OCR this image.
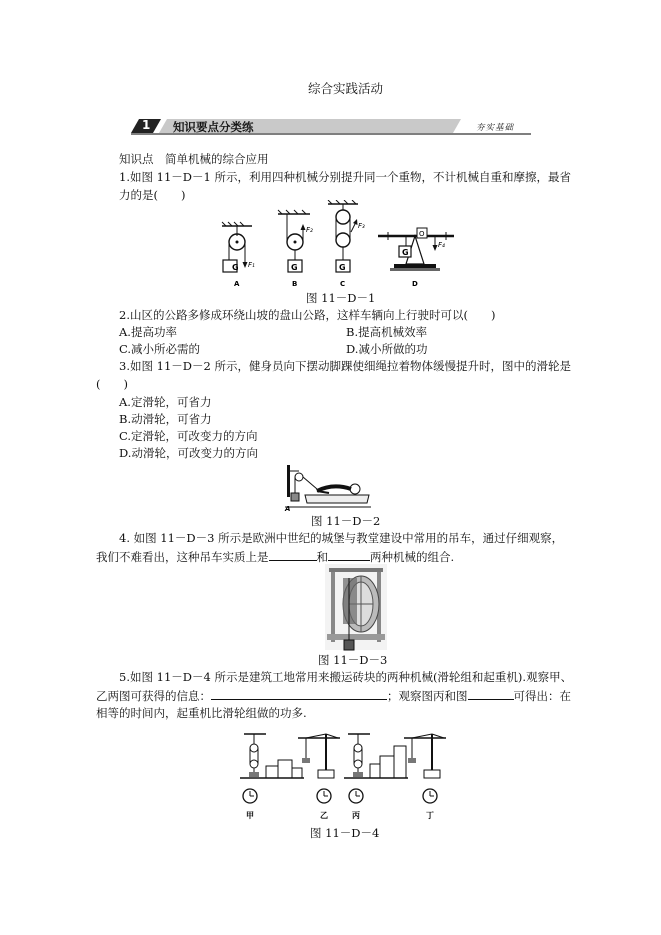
综合实践活动
1 知识要点分类练	夯实基础
知识点　简单机械的综合应用
1.如图 11－D－1 所示，利用四种机械分别提升同一个重物，不计机械自重和摩擦，最省
力的是(　　)
G	G	G
G
F₁
F₂	F₃
F₄
O
A	B	C	D
图 11－D－1
2.山区的公路多修成环绕山坡的盘山公路，这样车辆向上行驶时可以(　　)
A.提高功率	B.提高机械效率
C.减小所必需的	D.减小所做的功
3.如图 11－D－2 所示，健身员向下摆动脚踝使细绳拉着物体缓慢提升时，图中的滑轮是
(　　)
A.定滑轮，可省力
B.动滑轮，可省力
C.定滑轮，可改变力的方向
D.动滑轮，可改变力的方向
A
图 11－D－2
4. 如图 11－D－3 所示是欧洲中世纪的城堡与教堂建设中常用的吊车，通过仔细观察，
我们不难看出，这种吊车实质上是	和	两种机械的组合.
图 11－D－3
5.如图 11－D－4 所示是建筑工地常用来搬运砖块的两种机械(滑轮组和起重机).观察甲、
乙两图可获得的信息：	；观察图丙和图	可得出：在
相等的时间内，起重机比滑轮组做的功多.
甲	乙	丙	丁
图 11－D－4
